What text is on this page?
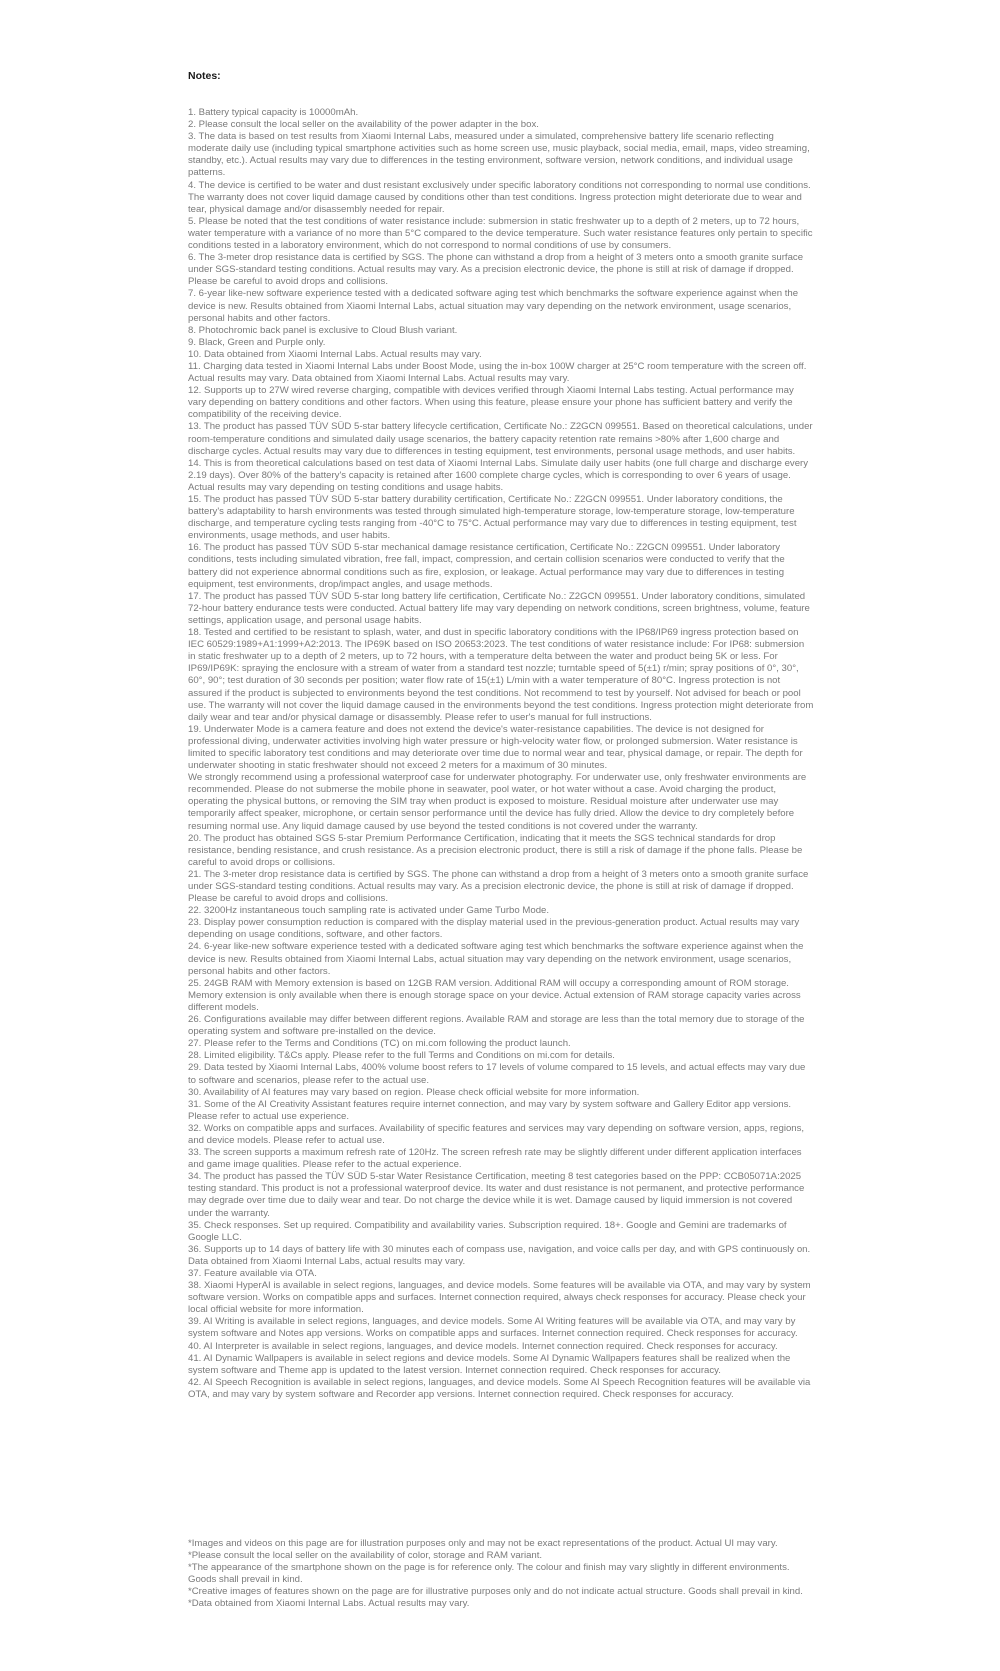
Notes:
1. Battery typical capacity is 10000mAh.
2. Please consult the local seller on the availability of the power adapter in the box.
3. The data is based on test results from Xiaomi Internal Labs, measured under a simulated, comprehensive battery life scenario reflecting moderate daily use (including typical smartphone activities such as home screen use, music playback, social media, email, maps, video streaming, standby, etc.). Actual results may vary due to differences in the testing environment, software version, network conditions, and individual usage patterns.
4. The device is certified to be water and dust resistant exclusively under specific laboratory conditions not corresponding to normal use conditions. The warranty does not cover liquid damage caused by conditions other than test conditions. Ingress protection might deteriorate due to wear and tear, physical damage and/or disassembly needed for repair.
5. Please be noted that the test conditions of water resistance include: submersion in static freshwater up to a depth of 2 meters, up to 72 hours, water temperature with a variance of no more than 5°C compared to the device temperature. Such water resistance features only pertain to specific conditions tested in a laboratory environment, which do not correspond to normal conditions of use by consumers.
6. The 3-meter drop resistance data is certified by SGS. The phone can withstand a drop from a height of 3 meters onto a smooth granite surface under SGS-standard testing conditions. Actual results may vary. As a precision electronic device, the phone is still at risk of damage if dropped. Please be careful to avoid drops and collisions.
7. 6-year like-new software experience tested with a dedicated software aging test which benchmarks the software experience against when the device is new. Results obtained from Xiaomi Internal Labs, actual situation may vary depending on the network environment, usage scenarios, personal habits and other factors.
8. Photochromic back panel is exclusive to Cloud Blush variant.
9. Black, Green and Purple only.
10. Data obtained from Xiaomi Internal Labs. Actual results may vary.
11. Charging data tested in Xiaomi Internal Labs under Boost Mode, using the in-box 100W charger at 25°C room temperature with the screen off. Actual results may vary. Data obtained from Xiaomi Internal Labs. Actual results may vary.
12. Supports up to 27W wired reverse charging, compatible with devices verified through Xiaomi Internal Labs testing. Actual performance may vary depending on battery conditions and other factors. When using this feature, please ensure your phone has sufficient battery and verify the compatibility of the receiving device.
13. The product has passed TÜV SÜD 5-star battery lifecycle certification, Certificate No.: Z2GCN 099551. Based on theoretical calculations, under room-temperature conditions and simulated daily usage scenarios, the battery capacity retention rate remains >80% after 1,600 charge and discharge cycles. Actual results may vary due to differences in testing equipment, test environments, personal usage methods, and user habits.
14. This is from theoretical calculations based on test data of Xiaomi Internal Labs. Simulate daily user habits (one full charge and discharge every 2.19 days). Over 80% of the battery's capacity is retained after 1600 complete charge cycles, which is corresponding to over 6 years of usage. Actual results may vary depending on testing conditions and usage habits.
15. The product has passed TÜV SÜD 5-star battery durability certification, Certificate No.: Z2GCN 099551. Under laboratory conditions, the battery's adaptability to harsh environments was tested through simulated high-temperature storage, low-temperature storage, low-temperature discharge, and temperature cycling tests ranging from -40°C to 75°C. Actual performance may vary due to differences in testing equipment, test environments, usage methods, and user habits.
16. The product has passed TÜV SÜD 5-star mechanical damage resistance certification, Certificate No.: Z2GCN 099551. Under laboratory conditions, tests including simulated vibration, free fall, impact, compression, and certain collision scenarios were conducted to verify that the battery did not experience abnormal conditions such as fire, explosion, or leakage. Actual performance may vary due to differences in testing equipment, test environments, drop/impact angles, and usage methods.
17. The product has passed TÜV SÜD 5-star long battery life certification, Certificate No.: Z2GCN 099551. Under laboratory conditions, simulated 72-hour battery endurance tests were conducted. Actual battery life may vary depending on network conditions, screen brightness, volume, feature settings, application usage, and personal usage habits.
18. Tested and certified to be resistant to splash, water, and dust in specific laboratory conditions with the IP68/IP69 ingress protection based on IEC 60529:1989+A1:1999+A2:2013. The IP69K based on ISO 20653:2023. The test conditions of water resistance include: For IP68: submersion in static freshwater up to a depth of 2 meters, up to 72 hours, with a temperature delta between the water and product being 5K or less. For IP69/IP69K: spraying the enclosure with a stream of water from a standard test nozzle; turntable speed of 5(±1) r/min; spray positions of 0°, 30°, 60°, 90°; test duration of 30 seconds per position; water flow rate of 15(±1) L/min with a water temperature of 80°C. Ingress protection is not assured if the product is subjected to environments beyond the test conditions. Not recommend to test by yourself. Not advised for beach or pool use. The warranty will not cover the liquid damage caused in the environments beyond the test conditions. Ingress protection might deteriorate from daily wear and tear and/or physical damage or disassembly. Please refer to user's manual for full instructions.
19. Underwater Mode is a camera feature and does not extend the device's water-resistance capabilities. The device is not designed for professional diving, underwater activities involving high water pressure or high-velocity water flow, or prolonged submersion. Water resistance is limited to specific laboratory test conditions and may deteriorate over time due to normal wear and tear, physical damage, or repair. The depth for underwater shooting in static freshwater should not exceed 2 meters for a maximum of 30 minutes.
We strongly recommend using a professional waterproof case for underwater photography. For underwater use, only freshwater environments are recommended. Please do not submerse the mobile phone in seawater, pool water, or hot water without a case. Avoid charging the product, operating the physical buttons, or removing the SIM tray when product is exposed to moisture. Residual moisture after underwater use may temporarily affect speaker, microphone, or certain sensor performance until the device has fully dried. Allow the device to dry completely before resuming normal use. Any liquid damage caused by use beyond the tested conditions is not covered under the warranty.
20. The product has obtained SGS 5-star Premium Performance Certification, indicating that it meets the SGS technical standards for drop resistance, bending resistance, and crush resistance. As a precision electronic product, there is still a risk of damage if the phone falls. Please be careful to avoid drops or collisions.
21. The 3-meter drop resistance data is certified by SGS. The phone can withstand a drop from a height of 3 meters onto a smooth granite surface under SGS-standard testing conditions. Actual results may vary. As a precision electronic device, the phone is still at risk of damage if dropped. Please be careful to avoid drops and collisions.
22. 3200Hz instantaneous touch sampling rate is activated under Game Turbo Mode.
23. Display power consumption reduction is compared with the display material used in the previous-generation product. Actual results may vary depending on usage conditions, software, and other factors.
24. 6-year like-new software experience tested with a dedicated software aging test which benchmarks the software experience against when the device is new. Results obtained from Xiaomi Internal Labs, actual situation may vary depending on the network environment, usage scenarios, personal habits and other factors.
25. 24GB RAM with Memory extension is based on 12GB RAM version. Additional RAM will occupy a corresponding amount of ROM storage. Memory extension is only available when there is enough storage space on your device. Actual extension of RAM storage capacity varies across different models.
26. Configurations available may differ between different regions. Available RAM and storage are less than the total memory due to storage of the operating system and software pre-installed on the device.
27. Please refer to the Terms and Conditions (TC) on mi.com following the product launch.
28. Limited eligibility. T&Cs apply. Please refer to the full Terms and Conditions on mi.com for details.
29. Data tested by Xiaomi Internal Labs, 400% volume boost refers to 17 levels of volume compared to 15 levels, and actual effects may vary due to software and scenarios, please refer to the actual use.
30. Availability of AI features may vary based on region. Please check official website for more information.
31. Some of the AI Creativity Assistant features require internet connection, and may vary by system software and Gallery Editor app versions. Please refer to actual use experience.
32. Works on compatible apps and surfaces. Availability of specific features and services may vary depending on software version, apps, regions, and device models. Please refer to actual use.
33. The screen supports a maximum refresh rate of 120Hz. The screen refresh rate may be slightly different under different application interfaces and game image qualities. Please refer to the actual experience.
34. The product has passed the TÜV SÜD 5-star Water Resistance Certification, meeting 8 test categories based on the PPP: CCB05071A:2025 testing standard. This product is not a professional waterproof device. Its water and dust resistance is not permanent, and protective performance may degrade over time due to daily wear and tear. Do not charge the device while it is wet. Damage caused by liquid immersion is not covered under the warranty.
35. Check responses. Set up required. Compatibility and availability varies. Subscription required. 18+. Google and Gemini are trademarks of Google LLC.
36. Supports up to 14 days of battery life with 30 minutes each of compass use, navigation, and voice calls per day, and with GPS continuously on. Data obtained from Xiaomi Internal Labs, actual results may vary.
37. Feature available via OTA.
38. Xiaomi HyperAI is available in select regions, languages, and device models. Some features will be available via OTA, and may vary by system software version. Works on compatible apps and surfaces. Internet connection required, always check responses for accuracy. Please check your local official website for more information.
39. AI Writing is available in select regions, languages, and device models. Some AI Writing features will be available via OTA, and may vary by system software and Notes app versions. Works on compatible apps and surfaces. Internet connection required. Check responses for accuracy.
40. AI Interpreter is available in select regions, languages, and device models. Internet connection required. Check responses for accuracy.
41. AI Dynamic Wallpapers is available in select regions and device models. Some AI Dynamic Wallpapers features shall be realized when the system software and Theme app is updated to the latest version. Internet connection required. Check responses for accuracy.
42. AI Speech Recognition is available in select regions, languages, and device models. Some AI Speech Recognition features will be available via OTA, and may vary by system software and Recorder app versions. Internet connection required. Check responses for accuracy.

*Images and videos on this page are for illustration purposes only and may not be exact representations of the product. Actual UI may vary.

*Please consult the local seller on the availability of color, storage and RAM variant.

*The appearance of the smartphone shown on the page is for reference only. The colour and finish may vary slightly in different environments. Goods shall prevail in kind.

*Creative images of features shown on the page are for illustrative purposes only and do not indicate actual structure. Goods shall prevail in kind.

*Data obtained from Xiaomi Internal Labs. Actual results may vary.
